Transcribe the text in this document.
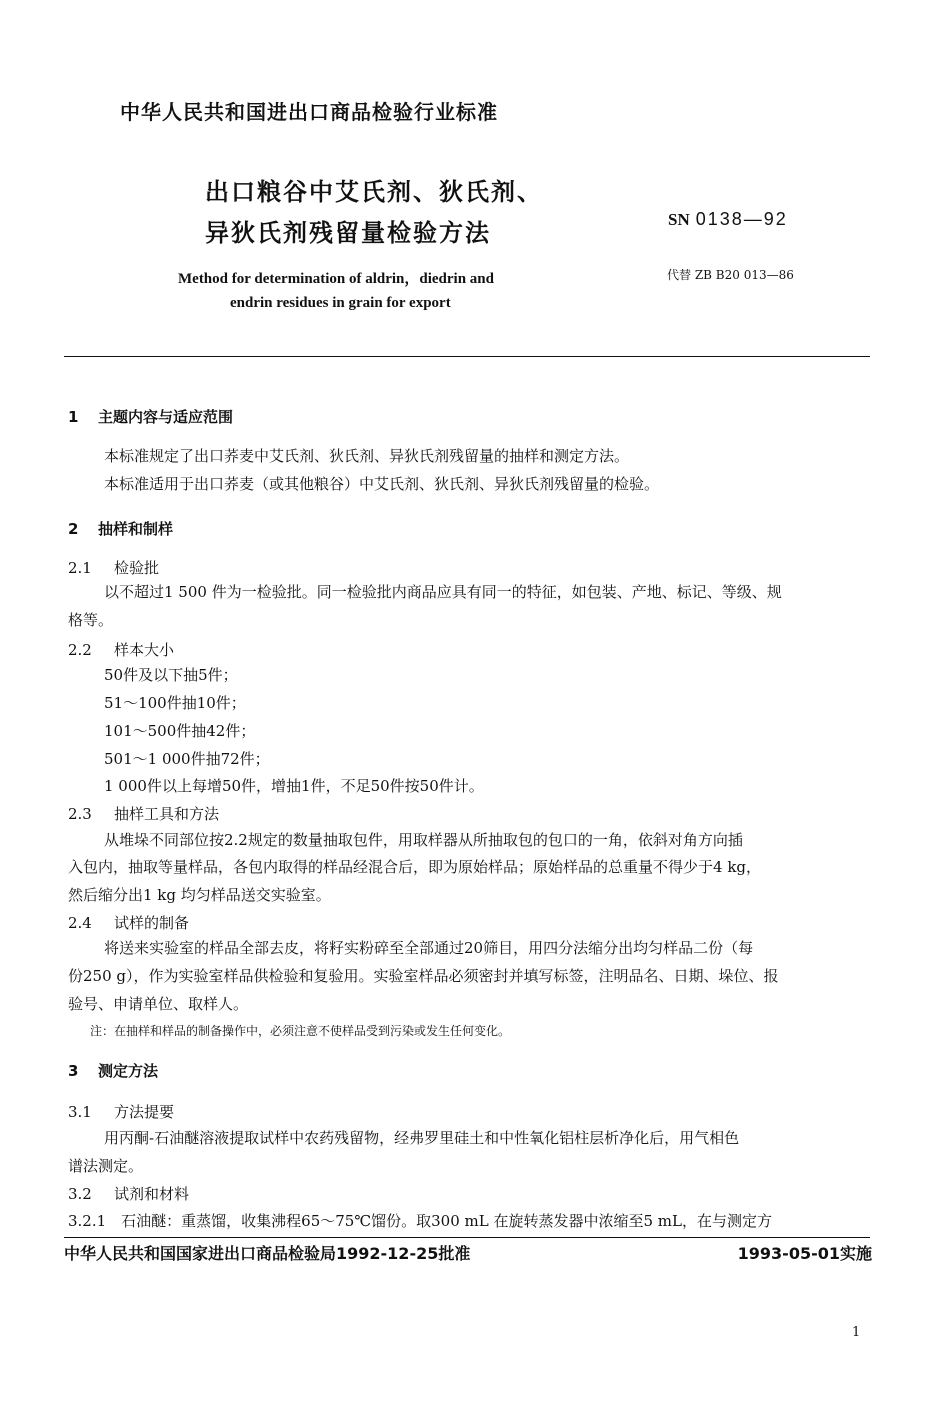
中华人民共和国进出口商品检验行业标准
出口粮谷中艾氏剂、狄氏剂、
异狄氏剂残留量检验方法	SN 0138—92
Method for determination of aldrin，diedrin and
endrin residues in grain for export
代替 ZB B20 013—86
1 主题内容与适应范围
本标准规定了出口荞麦中艾氏剂、狄氏剂、异狄氏剂残留量的抽样和测定方法。
本标准适用于出口荞麦（或其他粮谷）中艾氏剂、狄氏剂、异狄氏剂残留量的检验。
2 抽样和制样
2.1 检验批
以不超过1 500 件为一检验批。同一检验批内商品应具有同一的特征，如包装、产地、标记、等级、规
格等。
2.2 样本大小
50件及以下抽5件；
51～100件抽10件；
101～500件抽42件；
501～1 000件抽72件；
1 000件以上每增50件，增抽1件，不足50件按50件计。
2.3 抽样工具和方法
从堆垛不同部位按2.2规定的数量抽取包件，用取样器从所抽取包的包口的一角，依斜对角方向插
入包内，抽取等量样品，各包内取得的样品经混合后，即为原始样品；原始样品的总重量不得少于4 kg，
然后缩分出1 kg 均匀样品送交实验室。
2.4 试样的制备
将送来实验室的样品全部去皮，将籽实粉碎至全部通过20筛目，用四分法缩分出均匀样品二份（每
份250 g），作为实验室样品供检验和复验用。实验室样品必须密封并填写标签，注明品名、日期、垛位、报
验号、申请单位、取样人。
注：在抽样和样品的制备操作中，必须注意不使样品受到污染或发生任何变化。
3 测定方法
3.1 方法提要
用丙酮-石油醚溶液提取试样中农药残留物，经弗罗里硅土和中性氧化铝柱层析净化后，用气相色
谱法测定。
3.2 试剂和材料
3.2.1　石油醚：重蒸馏，收集沸程65～75℃馏份。取300 mL 在旋转蒸发器中浓缩至5 mL，在与测定方
中华人民共和国国家进出口商品检验局1992-12-25批准	1993-05-01实施
1
